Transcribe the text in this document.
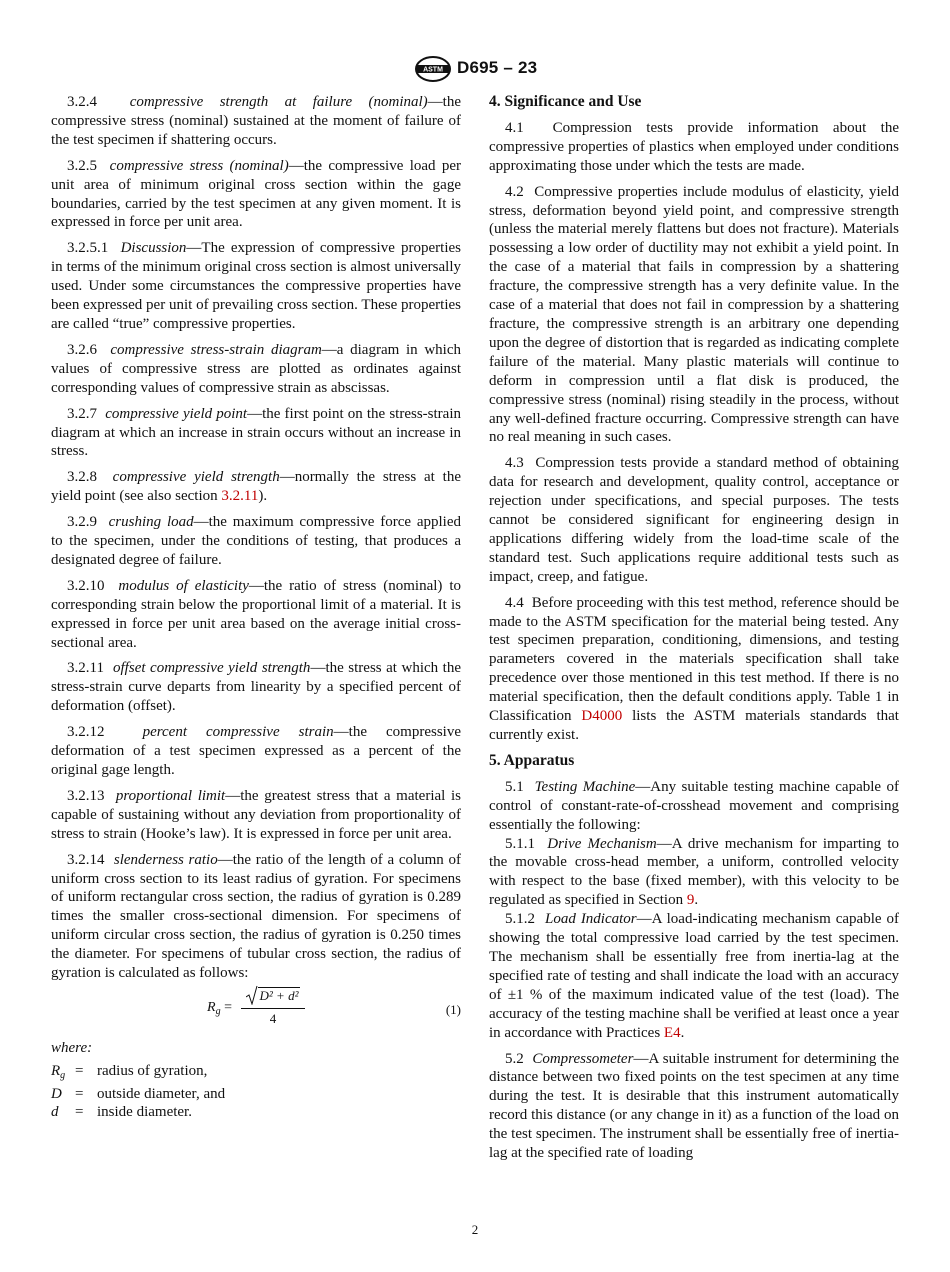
ASTM D695 – 23

3.2.4 compressive strength at failure (nominal)—the compressive stress (nominal) sustained at the moment of failure of the test specimen if shattering occurs.

3.2.5 compressive stress (nominal)—the compressive load per unit area of minimum original cross section within the gage boundaries, carried by the test specimen at any given moment. It is expressed in force per unit area.

3.2.5.1 Discussion—The expression of compressive properties in terms of the minimum original cross section is almost universally used. Under some circumstances the compressive properties have been expressed per unit of prevailing cross section. These properties are called “true” compressive properties.

3.2.6 compressive stress-strain diagram—a diagram in which values of compressive stress are plotted as ordinates against corresponding values of compressive strain as abscissas.

3.2.7 compressive yield point—the first point on the stress-strain diagram at which an increase in strain occurs without an increase in stress.

3.2.8 compressive yield strength—normally the stress at the yield point (see also section 3.2.11).

3.2.9 crushing load—the maximum compressive force applied to the specimen, under the conditions of testing, that produces a designated degree of failure.

3.2.10 modulus of elasticity—the ratio of stress (nominal) to corresponding strain below the proportional limit of a material. It is expressed in force per unit area based on the average initial cross-sectional area.

3.2.11 offset compressive yield strength—the stress at which the stress-strain curve departs from linearity by a specified percent of deformation (offset).

3.2.12	percent compressive strain—the compressive deformation of a test specimen expressed as a percent of the original gage length.

3.2.13 proportional limit—the greatest stress that a material is capable of sustaining without any deviation from proportionality of stress to strain (Hooke’s law). It is expressed in force per unit area.

3.2.14 slenderness ratio—the ratio of the length of a column of uniform cross section to its least radius of gyration. For specimens of uniform rectangular cross section, the radius of gyration is 0.289 times the smaller cross-sectional dimension. For specimens of uniform circular cross section, the radius of gyration is 0.250 times the diameter. For specimens of tubular cross section, the radius of gyration is calculated as follows:

$R_g = \frac{\text{D² + d²}}{4}$	(1)
where:
$R_g$ = radius of gyration,
D = outside diameter, and
d	= inside diameter.
4. Significance and Use

4.1 Compression tests provide information about the compressive properties of plastics when employed under conditions approximating those under which the tests are made.

4.2 Compressive properties include modulus of elasticity, yield stress, deformation beyond yield point, and compressive strength (unless the material merely flattens but does not fracture). Materials possessing a low order of ductility may not exhibit a yield point. In the case of a material that fails in compression by a shattering fracture, the compressive strength has a very definite value. In the case of a material that does not fail in compression by a shattering fracture, the compressive strength is an arbitrary one depending upon the degree of distortion that is regarded as indicating complete failure of the material. Many plastic materials will continue to deform in compression until a flat disk is produced, the compressive stress (nominal) rising steadily in the process, without any well-defined fracture occurring. Compressive strength can have no real meaning in such cases.

4.3 Compression tests provide a standard method of obtaining data for research and development, quality control, acceptance or rejection under specifications, and special purposes. The tests cannot be considered significant for engineering design in applications differing widely from the load-time scale of the standard test. Such applications require additional tests such as impact, creep, and fatigue.

4.4 Before proceeding with this test method, reference should be made to the ASTM specification for the material being tested. Any test specimen preparation, conditioning, dimensions, and testing parameters covered in the materials specification shall take precedence over those mentioned in this test method. If there is no material specification, then the default conditions apply. Table 1 in Classification D4000 lists the ASTM materials standards that currently exist.

5. Apparatus

5.1 Testing Machine—Any suitable testing machine capable of control of constant-rate-of-crosshead movement and comprising essentially the following:

5.1.1 Drive Mechanism—A drive mechanism for imparting to the movable cross-head member, a uniform, controlled velocity with respect to the base (fixed member), with this velocity to be regulated as specified in Section 9.

5.1.2 Load Indicator—A load-indicating mechanism capable of showing the total compressive load carried by the test specimen. The mechanism shall be essentially free from inertia-lag at the specified rate of testing and shall indicate the load with an accuracy of ±1 % of the maximum indicated value of the test (load). The accuracy of the testing machine shall be verified at least once a year in accordance with Practices E4.

5.2 Compressometer—A suitable instrument for determining the distance between two fixed points on the test specimen at any time during the test. It is desirable that this instrument automatically record this distance (or any change in it) as a function of the load on the test specimen. The instrument shall be essentially free of inertia-lag at the specified rate of loading

2
